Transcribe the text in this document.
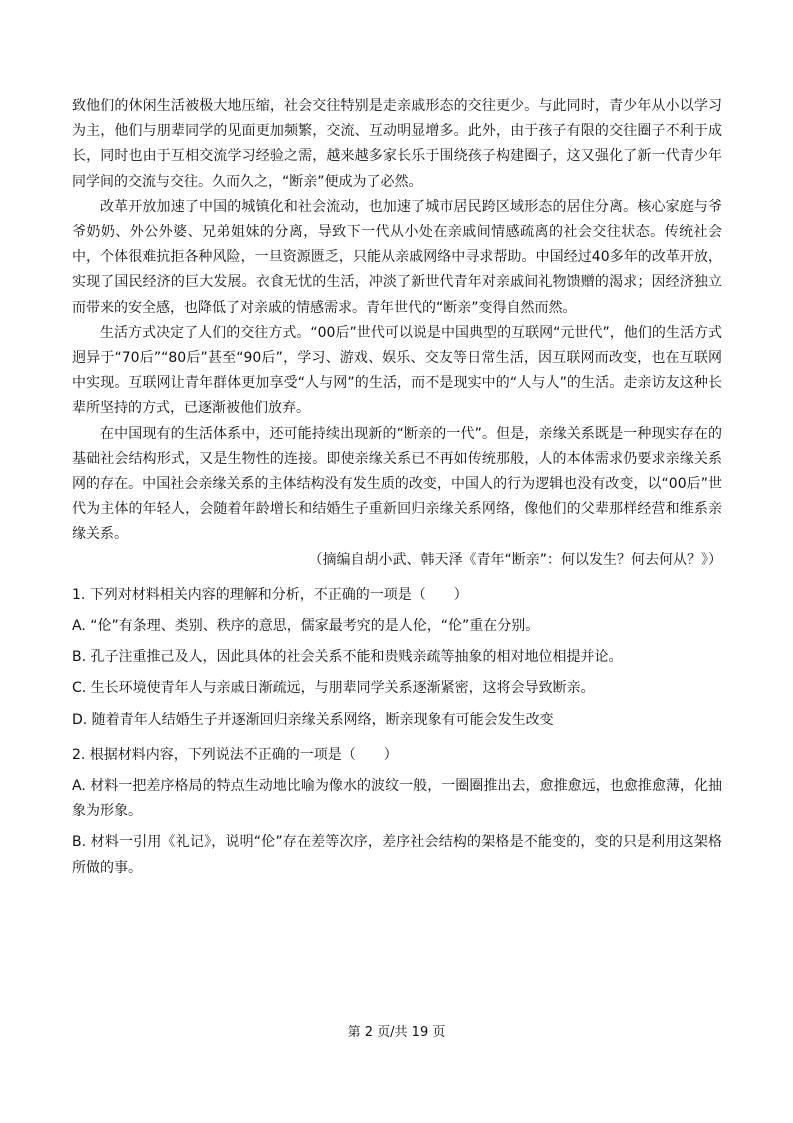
致他们的休闲生活被极大地压缩，社会交往特别是走亲戚形态的交往更少。与此同时，青少年从小以学习为主，他们与朋辈同学的见面更加频繁，交流、互动明显增多。此外，由于孩子有限的交往圈子不利于成长，同时也由于互相交流学习经验之需，越来越多家长乐于围绕孩子构建圈子，这又强化了新一代青少年同学间的交流与交往。久而久之，“断亲”便成为了必然。

改革开放加速了中国的城镇化和社会流动，也加速了城市居民跨区域形态的居住分离。核心家庭与爷爷奶奶、外公外婆、兄弟姐妹的分离，导致下一代从小处在亲戚间情感疏离的社会交往状态。传统社会中，个体很难抗拒各种风险，一旦资源匮乏，只能从亲戚网络中寻求帮助。中国经过40多年的改革开放，实现了国民经济的巨大发展。衣食无忧的生活，冲淡了新世代青年对亲戚间礼物馈赠的渴求；因经济独立而带来的安全感，也降低了对亲戚的情感需求。青年世代的“断亲”变得自然而然。

生活方式决定了人们的交往方式。“00后”世代可以说是中国典型的互联网“元世代”，他们的生活方式迥异于“70后”“80后”甚至“90后”，学习、游戏、娱乐、交友等日常生活，因互联网而改变，也在互联网中实现。互联网让青年群体更加享受“人与网”的生活，而不是现实中的“人与人”的生活。走亲访友这种长辈所坚持的方式，已逐渐被他们放弃。

在中国现有的生活体系中，还可能持续出现新的“断亲的一代”。但是，亲缘关系既是一种现实存在的基础社会结构形式，又是生物性的连接。即使亲缘关系已不再如传统那般，人的本体需求仍要求亲缘关系网的存在。中国社会亲缘关系的主体结构没有发生质的改变，中国人的行为逻辑也没有改变，以“00后”世代为主体的年轻人，会随着年龄增长和结婚生子重新回归亲缘关系网络，像他们的父辈那样经营和维系亲缘关系。

（摘编自胡小武、韩天泽《青年“断亲”：何以发生？何去何从？》）

1. 下列对材料相关内容的理解和分析，不正确的一项是（　　）

A. “伦”有条理、类别、秩序的意思，儒家最考究的是人伦，“伦”重在分别。

B. 孔子注重推己及人，因此具体的社会关系不能和贵贱亲疏等抽象的相对地位相提并论。

C. 生长环境使青年人与亲戚日渐疏远，与朋辈同学关系逐渐紧密，这将会导致断亲。

D. 随着青年人结婚生子并逐渐回归亲缘关系网络，断亲现象有可能会发生改变

2. 根据材料内容，下列说法不正确的一项是（　　）

A. 材料一把差序格局的特点生动地比喻为像水的波纹一般，一圈圈推出去，愈推愈远，也愈推愈薄，化抽象为形象。

B. 材料一引用《礼记》，说明“伦”存在差等次序，差序社会结构的架格是不能变的，变的只是利用这架格所做的事。

第 2 页/共 19 页
